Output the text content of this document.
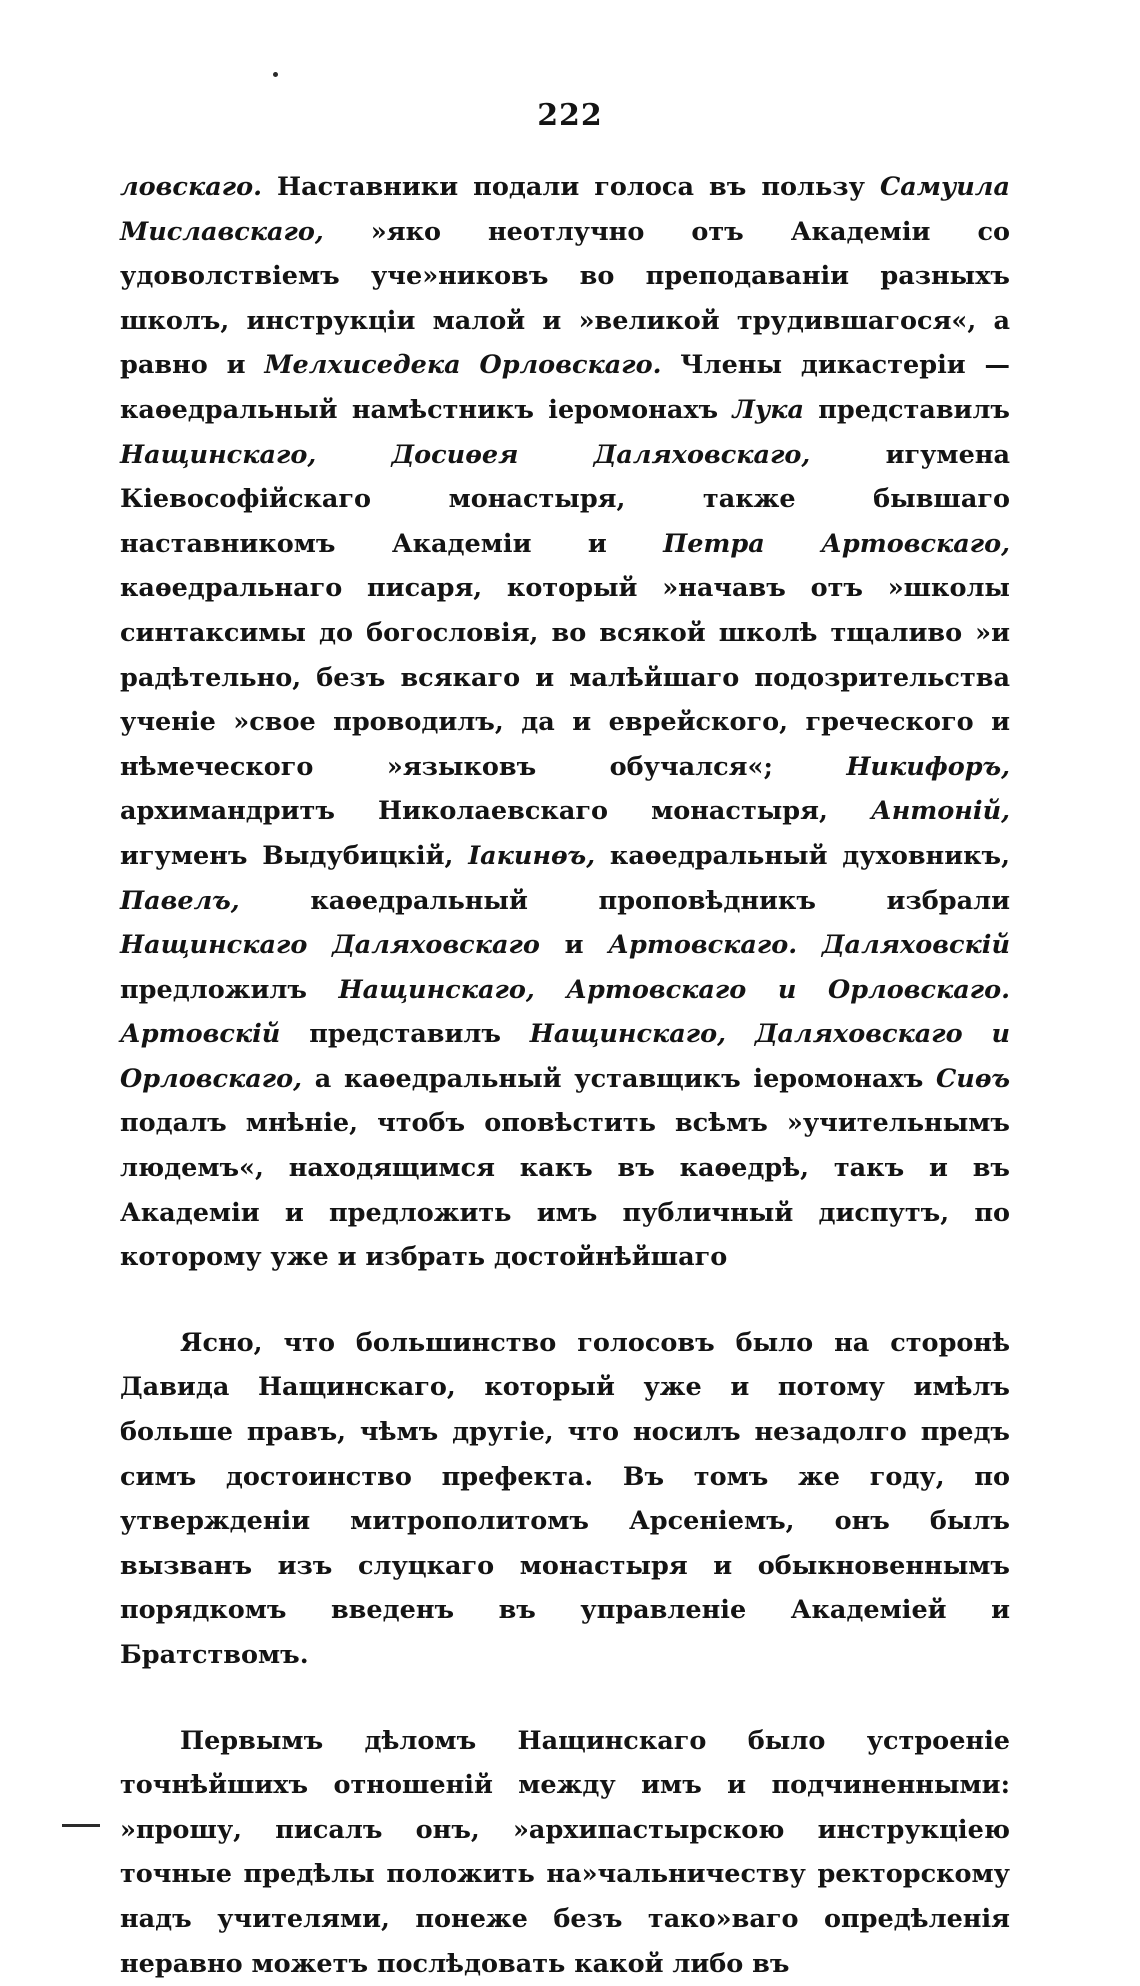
222

ловскаго. Наставники подали голоса въ пользу Самуила Миславскаго, »яко неотлучно отъ Академіи со удоволствіемъ уче»никовъ во преподаваніи разныхъ школъ, инструкціи малой и »великой трудившагося«, а равно и Мелхиседека Орловскаго. Члены дикастеріи — каѳедральный намѣстникъ іеромонахъ Лука представилъ Нащинскаго, Досиѳея Даляховскаго, игумена Кіевософійскаго монастыря, также бывшаго наставникомъ Академіи и Петра Артовскаго, каѳедральнаго писаря, который »начавъ отъ »школы синтаксимы до богословія, во всякой школѣ тщаливо »и радѣтельно, безъ всякаго и малѣйшаго подозрительства ученіе »свое проводилъ, да и еврейского, греческого и нѣмеческого »языковъ обучался«; Никифоръ, архимандритъ Николаевскаго монастыря, Антоній, игуменъ Выдубицкій, Іакинѳъ, каѳедральный духовникъ, Павелъ, каѳедральный проповѣдникъ избрали Нащинскаго Даляховскаго и Артовскаго. Даляховскій предложилъ Нащинскаго, Артовскаго и Орловскаго. Артовскій представилъ Нащинскаго, Даляховскаго и Орловскаго, а каѳедральный уставщикъ іеромонахъ Сиѳъ подалъ мнѣніе, чтобъ оповѣстить всѣмъ »учительнымъ людемъ«, находящимся какъ въ каѳедрѣ, такъ и въ Академіи и предложить имъ публичный диспутъ, по которому уже и избрать достойнѣйшаго

Ясно, что большинство голосовъ было на сторонѣ Давида Нащинскаго, который уже и потому имѣлъ больше правъ, чѣмъ другіе, что носилъ незадолго предъ симъ достоинство префекта. Въ томъ же году, по утвержденіи митрополитомъ Арсеніемъ, онъ былъ вызванъ изъ слуцкаго монастыря и обыкновеннымъ порядкомъ введенъ въ управленіе Академіей и Братствомъ.

Первымъ дѣломъ Нащинскаго было устроеніе точнѣйшихъ отношеній между имъ и подчиненными: »прошу, писалъ онъ, »архипастырскою инструкціею точные предѣлы положить на»чальничеству ректорскому надъ учителями, понеже безъ тако»ваго опредѣленія неравно можетъ послѣдовать какой либо въ
